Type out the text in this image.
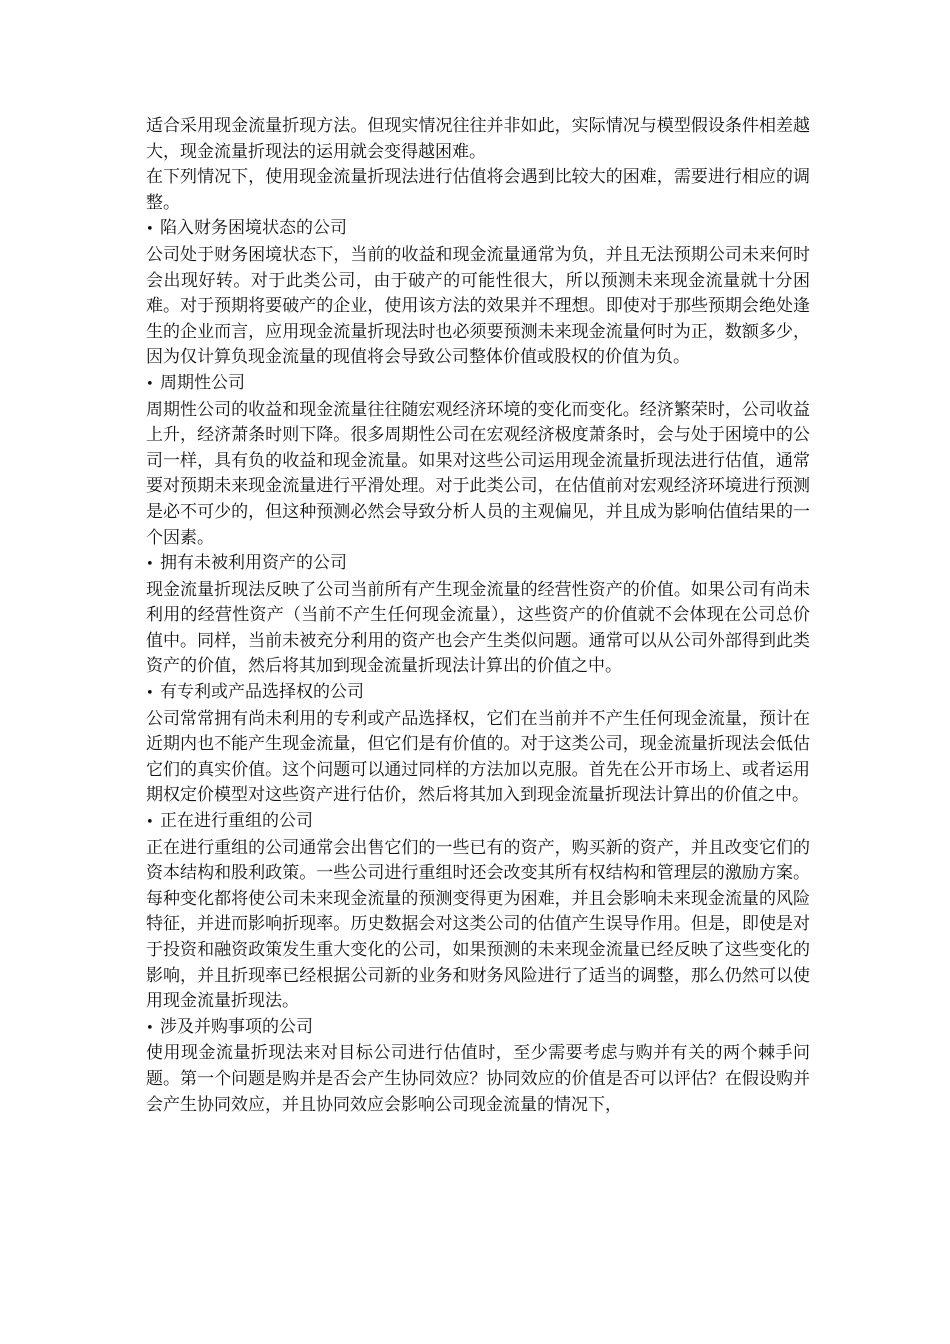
适合采用现金流量折现方法。但现实情况往往并非如此，实际情况与模型假设条件相差越大，现金流量折现法的运用就会变得越困难。

在下列情况下，使用现金流量折现法进行估值将会遇到比较大的困难，需要进行相应的调整。

• 陷入财务困境状态的公司

公司处于财务困境状态下，当前的收益和现金流量通常为负，并且无法预期公司未来何时会出现好转。对于此类公司，由于破产的可能性很大，所以预测未来现金流量就十分困难。对于预期将要破产的企业，使用该方法的效果并不理想。即使对于那些预期会绝处逢生的企业而言，应用现金流量折现法时也必须要预测未来现金流量何时为正，数额多少，因为仅计算负现金流量的现值将会导致公司整体价值或股权的价值为负。

• 周期性公司

周期性公司的收益和现金流量往往随宏观经济环境的变化而变化。经济繁荣时，公司收益上升，经济萧条时则下降。很多周期性公司在宏观经济极度萧条时，会与处于困境中的公司一样，具有负的收益和现金流量。如果对这些公司运用现金流量折现法进行估值，通常要对预期未来现金流量进行平滑处理。对于此类公司，在估值前对宏观经济环境进行预测是必不可少的，但这种预测必然会导致分析人员的主观偏见，并且成为影响估值结果的一个因素。

• 拥有未被利用资产的公司

现金流量折现法反映了公司当前所有产生现金流量的经营性资产的价值。如果公司有尚未利用的经营性资产（当前不产生任何现金流量），这些资产的价值就不会体现在公司总价值中。同样，当前未被充分利用的资产也会产生类似问题。通常可以从公司外部得到此类资产的价值，然后将其加到现金流量折现法计算出的价值之中。

• 有专利或产品选择权的公司

公司常常拥有尚未利用的专利或产品选择权，它们在当前并不产生任何现金流量，预计在近期内也不能产生现金流量，但它们是有价值的。对于这类公司，现金流量折现法会低估它们的真实价值。这个问题可以通过同样的方法加以克服。首先在公开市场上、或者运用期权定价模型对这些资产进行估价，然后将其加入到现金流量折现法计算出的价值之中。

• 正在进行重组的公司

正在进行重组的公司通常会出售它们的一些已有的资产，购买新的资产，并且改变它们的资本结构和股利政策。一些公司进行重组时还会改变其所有权结构和管理层的激励方案。每种变化都将使公司未来现金流量的预测变得更为困难，并且会影响未来现金流量的风险特征，并进而影响折现率。历史数据会对这类公司的估值产生误导作用。但是，即使是对于投资和融资政策发生重大变化的公司，如果预测的未来现金流量已经反映了这些变化的影响，并且折现率已经根据公司新的业务和财务风险进行了适当的调整，那么仍然可以使用现金流量折现法。

• 涉及并购事项的公司

使用现金流量折现法来对目标公司进行估值时，至少需要考虑与购并有关的两个棘手问题。第一个问题是购并是否会产生协同效应？协同效应的价值是否可以评估？在假设购并会产生协同效应，并且协同效应会影响公司现金流量的情况下，
